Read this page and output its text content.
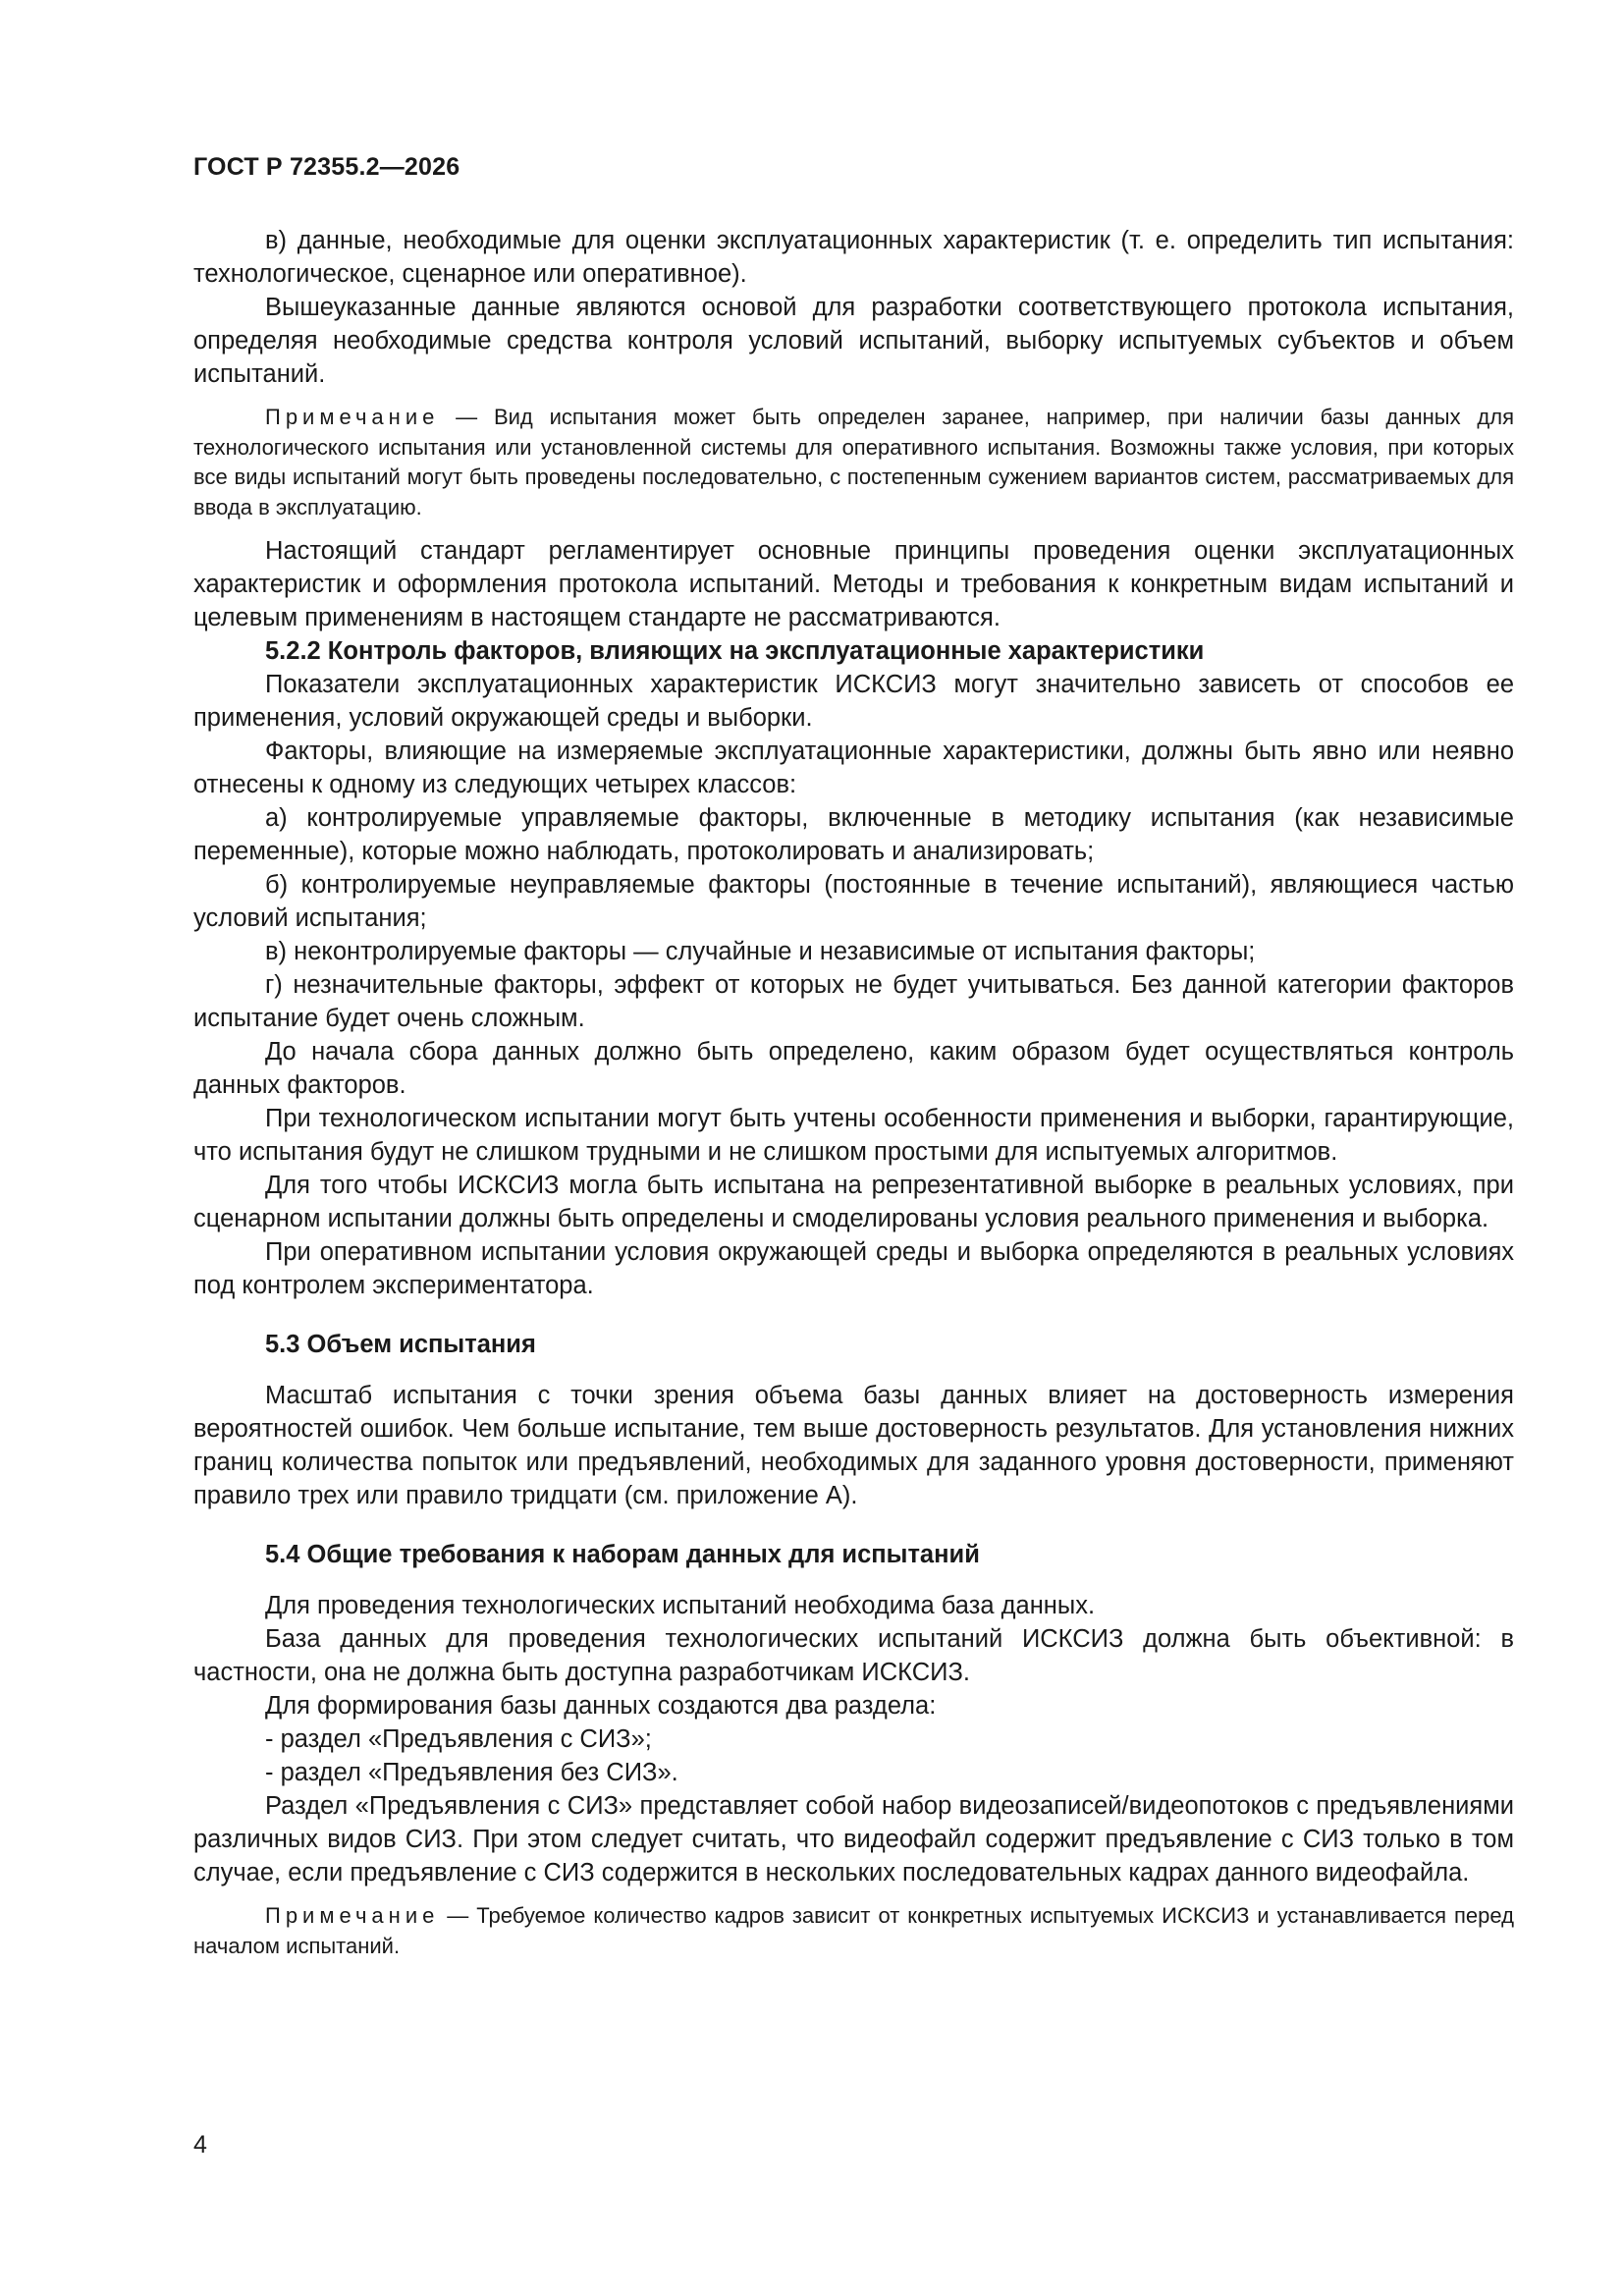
ГОСТ Р 72355.2—2026

в) данные, необходимые для оценки эксплуатационных характеристик (т. е. определить тип испытания: технологическое, сценарное или оперативное).

Вышеуказанные данные являются основой для разработки соответствующего протокола испытания, определяя необходимые средства контроля условий испытаний, выборку испытуемых субъектов и объем испытаний.

Примечание — Вид испытания может быть определен заранее, например, при наличии базы данных для технологического испытания или установленной системы для оперативного испытания. Возможны также условия, при которых все виды испытаний могут быть проведены последовательно, с постепенным сужением вариантов систем, рассматриваемых для ввода в эксплуатацию.

Настоящий стандарт регламентирует основные принципы проведения оценки эксплуатационных характеристик и оформления протокола испытаний. Методы и требования к конкретным видам испытаний и целевым применениям в настоящем стандарте не рассматриваются.

5.2.2 Контроль факторов, влияющих на эксплуатационные характеристики

Показатели эксплуатационных характеристик ИСКСИЗ могут значительно зависеть от способов ее применения, условий окружающей среды и выборки.

Факторы, влияющие на измеряемые эксплуатационные характеристики, должны быть явно или неявно отнесены к одному из следующих четырех классов:

а) контролируемые управляемые факторы, включенные в методику испытания (как независимые переменные), которые можно наблюдать, протоколировать и анализировать;

б) контролируемые неуправляемые факторы (постоянные в течение испытаний), являющиеся частью условий испытания;

в) неконтролируемые факторы — случайные и независимые от испытания факторы;

г) незначительные факторы, эффект от которых не будет учитываться. Без данной категории факторов испытание будет очень сложным.

До начала сбора данных должно быть определено, каким образом будет осуществляться контроль данных факторов.

При технологическом испытании могут быть учтены особенности применения и выборки, гарантирующие, что испытания будут не слишком трудными и не слишком простыми для испытуемых алгоритмов.

Для того чтобы ИСКСИЗ могла быть испытана на репрезентативной выборке в реальных условиях, при сценарном испытании должны быть определены и смоделированы условия реального применения и выборка.

При оперативном испытании условия окружающей среды и выборка определяются в реальных условиях под контролем экспериментатора.

5.3 Объем испытания

Масштаб испытания с точки зрения объема базы данных влияет на достоверность измерения вероятностей ошибок. Чем больше испытание, тем выше достоверность результатов. Для установления нижних границ количества попыток или предъявлений, необходимых для заданного уровня достоверности, применяют правило трех или правило тридцати (см. приложение А).

5.4 Общие требования к наборам данных для испытаний

Для проведения технологических испытаний необходима база данных.

База данных для проведения технологических испытаний ИСКСИЗ должна быть объективной: в частности, она не должна быть доступна разработчикам ИСКСИЗ.

Для формирования базы данных создаются два раздела:

- раздел «Предъявления с СИЗ»;

- раздел «Предъявления без СИЗ».

Раздел «Предъявления с СИЗ» представляет собой набор видеозаписей/видеопотоков с предъявлениями различных видов СИЗ. При этом следует считать, что видеофайл содержит предъявление с СИЗ только в том случае, если предъявление с СИЗ содержится в нескольких последовательных кадрах данного видеофайла.

Примечание — Требуемое количество кадров зависит от конкретных испытуемых ИСКСИЗ и устанавливается перед началом испытаний.

4
